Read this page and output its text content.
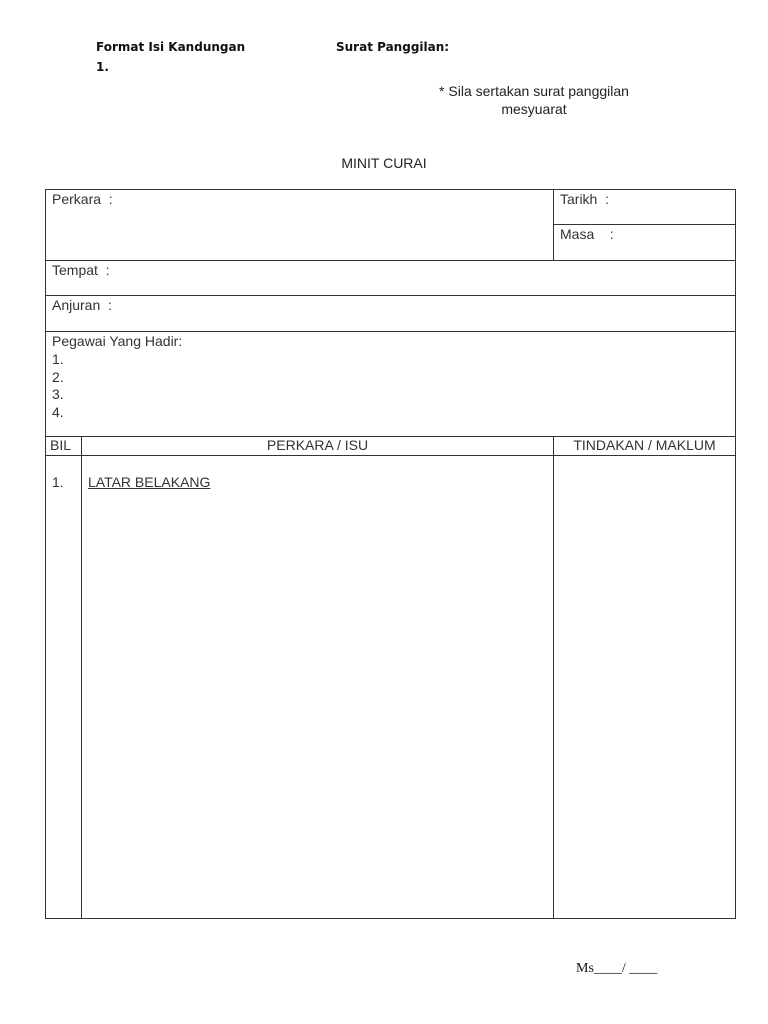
Format Isi Kandungan
1.
Surat Panggilan:
* Sila sertakan surat panggilan
mesyuarat
MINIT CURAI
Perkara  :	Tarikh  :
Masa    :
Tempat  :
Anjuran  :
Pegawai Yang Hadir:
1.
2.
3.
4.
BIL	PERKARA / ISU	TINDAKAN / MAKLUM
1. LATAR BELAKANG
Ms____/ ____
